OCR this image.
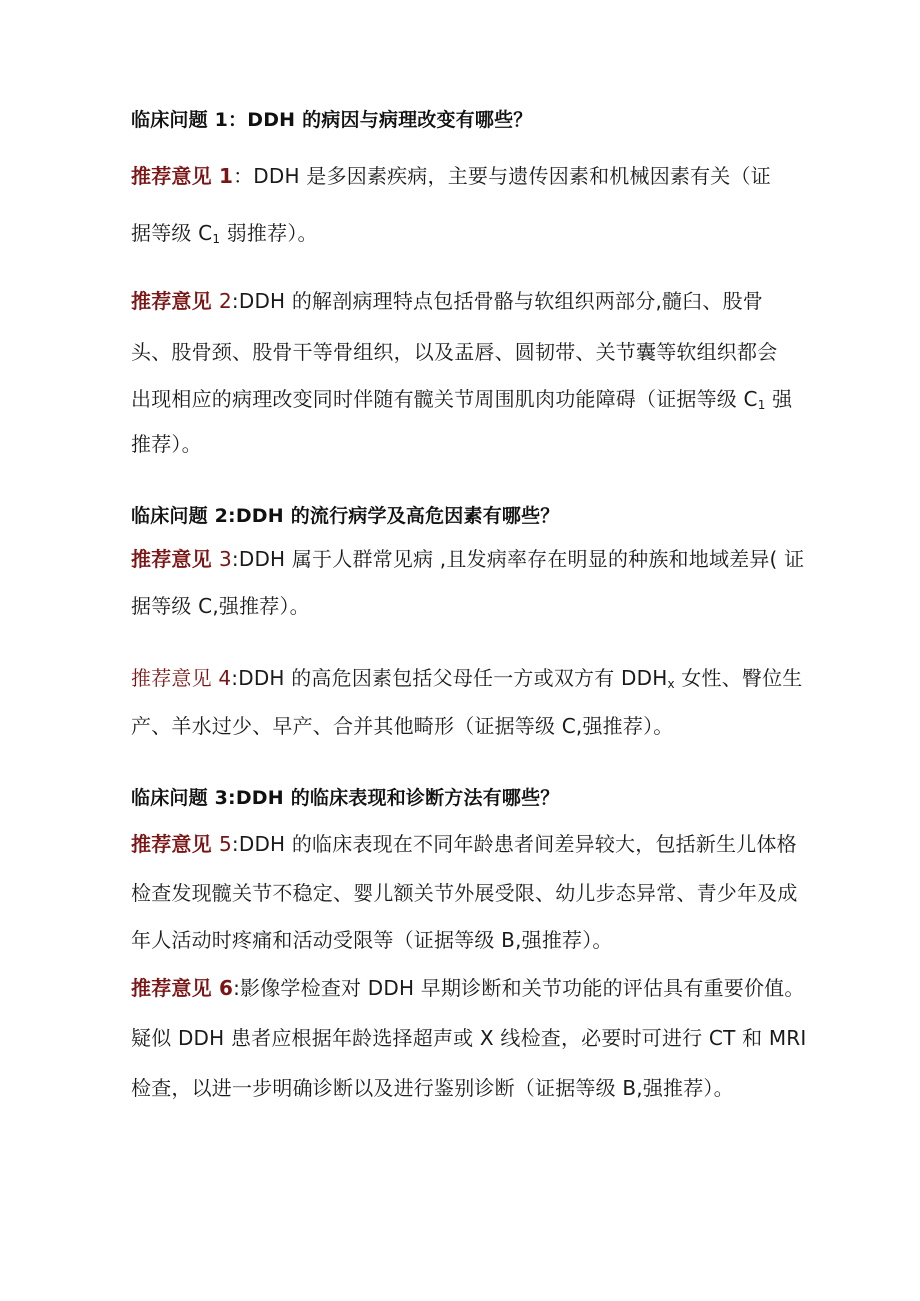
临床问题 1：DDH 的病因与病理改变有哪些？
推荐意见 1：DDH 是多因素疾病，主要与遗传因素和机械因素有关（证
据等级 $C_1$ 弱推荐）。
推荐意见 2:DDH 的解剖病理特点包括骨骼与软组织两部分,髓臼、股骨
头、股骨颈、股骨干等骨组织，以及盂唇、圆韧带、关节囊等软组织都会
出现相应的病理改变同时伴随有髋关节周围肌肉功能障碍（证据等级 $C_1$ 强
推荐）。
临床问题 2:DDH 的流行病学及高危因素有哪些？
推荐意见 3:DDH 属于人群常见病 ,且发病率存在明显的种族和地域差异( 证
据等级 C,强推荐）。
推荐意见 4:DDH 的高危因素包括父母任一方或双方有 $DDH_x$ 女性、臀位生
产、羊水过少、早产、合并其他畸形（证据等级 C,强推荐）。
临床问题 3:DDH 的临床表现和诊断方法有哪些？
推荐意见 5:DDH 的临床表现在不同年龄患者间差异较大，包括新生儿体格
检查发现髋关节不稳定、婴儿额关节外展受限、幼儿步态异常、青少年及成
年人活动时疼痛和活动受限等（证据等级 B,强推荐）。
推荐意见 6:影像学检查对 DDH 早期诊断和关节功能的评估具有重要价值。
疑似 DDH 患者应根据年龄选择超声或 X 线检查，必要时可进行 CT 和 MRI
检查，以进一步明确诊断以及进行鉴别诊断（证据等级 B,强推荐）。
